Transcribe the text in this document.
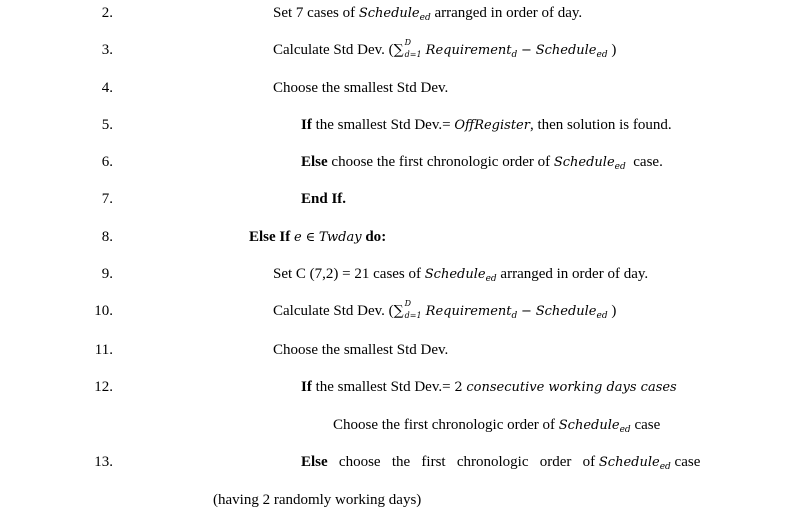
2.	Set 7 cases of Schedule$_{ed}$ arranged in order of day.
3.	Calculate Std Dev. (∑ D
d=1 Requirement$_d$ − Schedule$_{ed}$ )
4.	Choose the smallest Std Dev.
5.	If the smallest Std Dev.= OffRegister, then solution is found.
6.	Else choose the first chronologic order of Schedule$_{ed}$ case.
7.	End If.
8.	Else If e ∈ Twday do:
9.	Set C (7,2) = 21 cases of Schedule$_{ed}$ arranged in order of day.
10.	Calculate Std Dev. (∑ D
d=1 Requirement$_d$ − Schedule$_{ed}$ )
11.	Choose the smallest Std Dev.
12.	If the smallest Std Dev.= 2 consecutive working days cases
Choose the first chronologic order of Schedule$_{ed}$ case
13.	Else choose the first chronologic order of Schedule$_{ed}$ case
(having 2 randomly working days)
